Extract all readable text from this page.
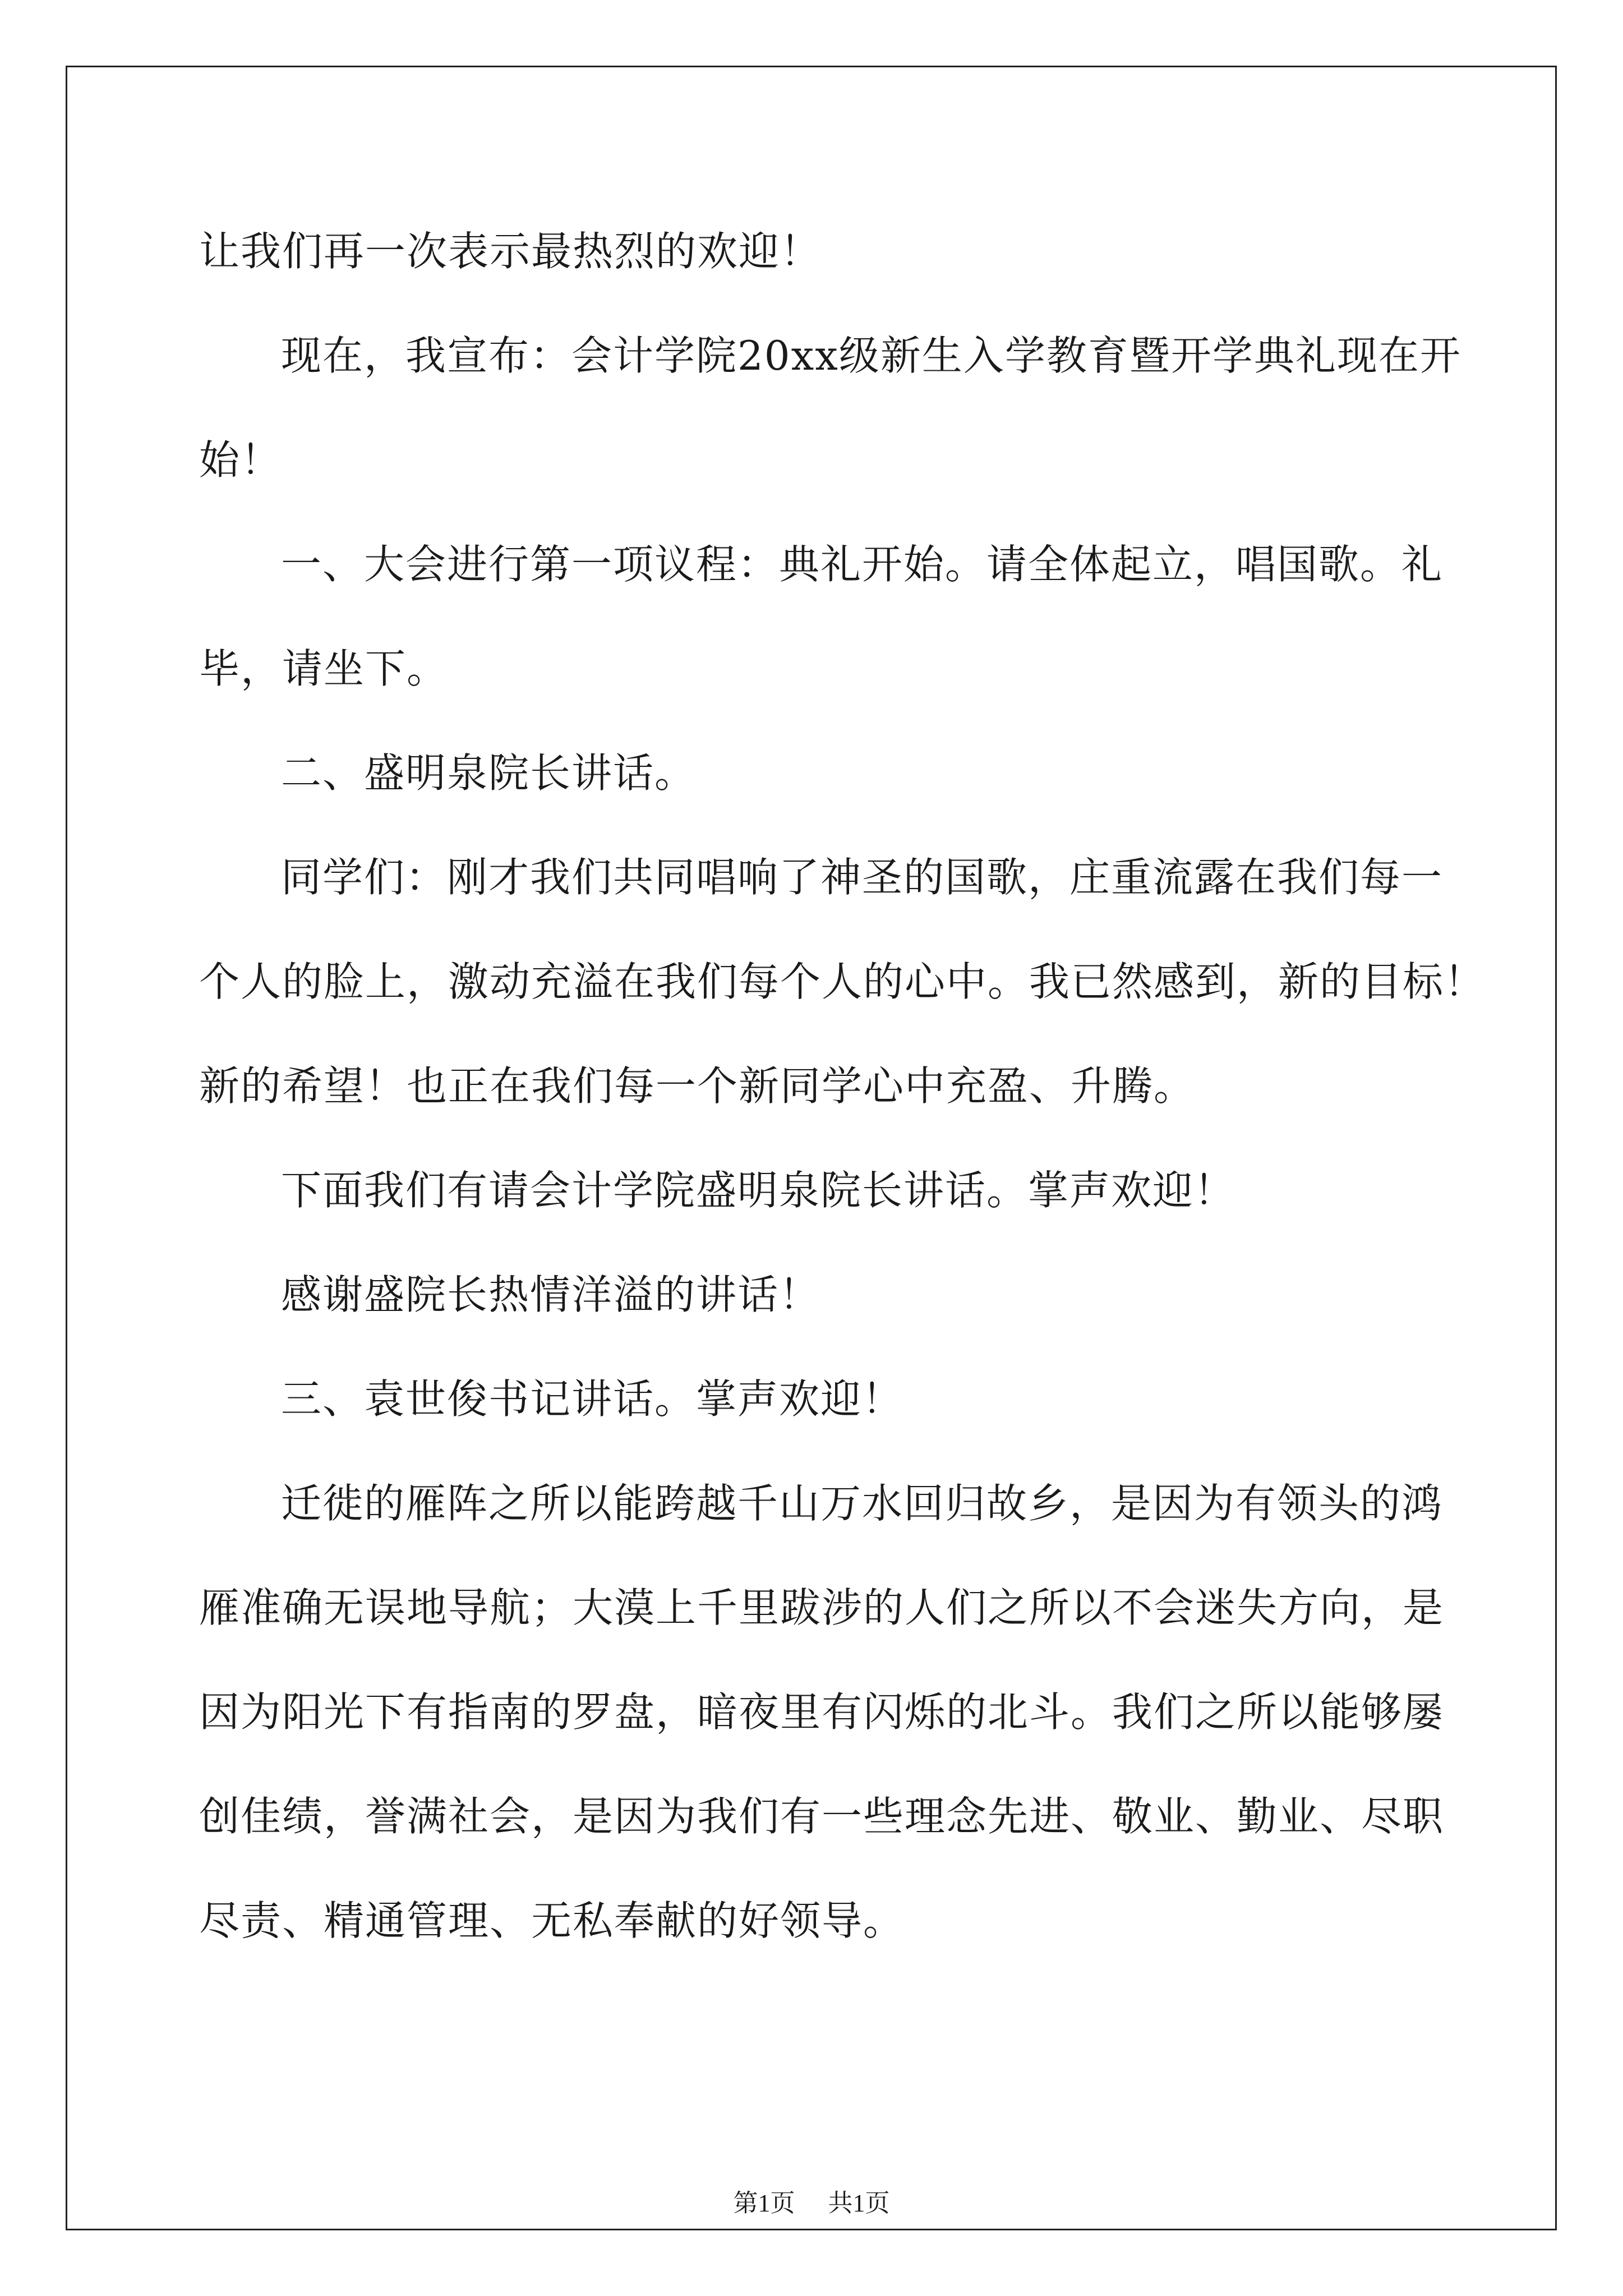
让我们再一次表示最热烈的欢迎！
现在，我宣布：会计学院20xx级新生入学教育暨开学典礼现在开
始！
一、大会进行第一项议程：典礼开始。请全体起立，唱国歌。礼
毕，请坐下。
二、盛明泉院长讲话。
同学们：刚才我们共同唱响了神圣的国歌，庄重流露在我们每一
个人的脸上，激动充溢在我们每个人的心中。我已然感到，新的目标！
新的希望！也正在我们每一个新同学心中充盈、升腾。
下面我们有请会计学院盛明泉院长讲话。掌声欢迎！
感谢盛院长热情洋溢的讲话！
三、袁世俊书记讲话。掌声欢迎！
迁徙的雁阵之所以能跨越千山万水回归故乡，是因为有领头的鸿
雁准确无误地导航；大漠上千里跋涉的人们之所以不会迷失方向，是
因为阳光下有指南的罗盘，暗夜里有闪烁的北斗。我们之所以能够屡
创佳绩，誉满社会，是因为我们有一些理念先进、敬业、勤业、尽职
尽责、精通管理、无私奉献的好领导。
第1页 共1页
